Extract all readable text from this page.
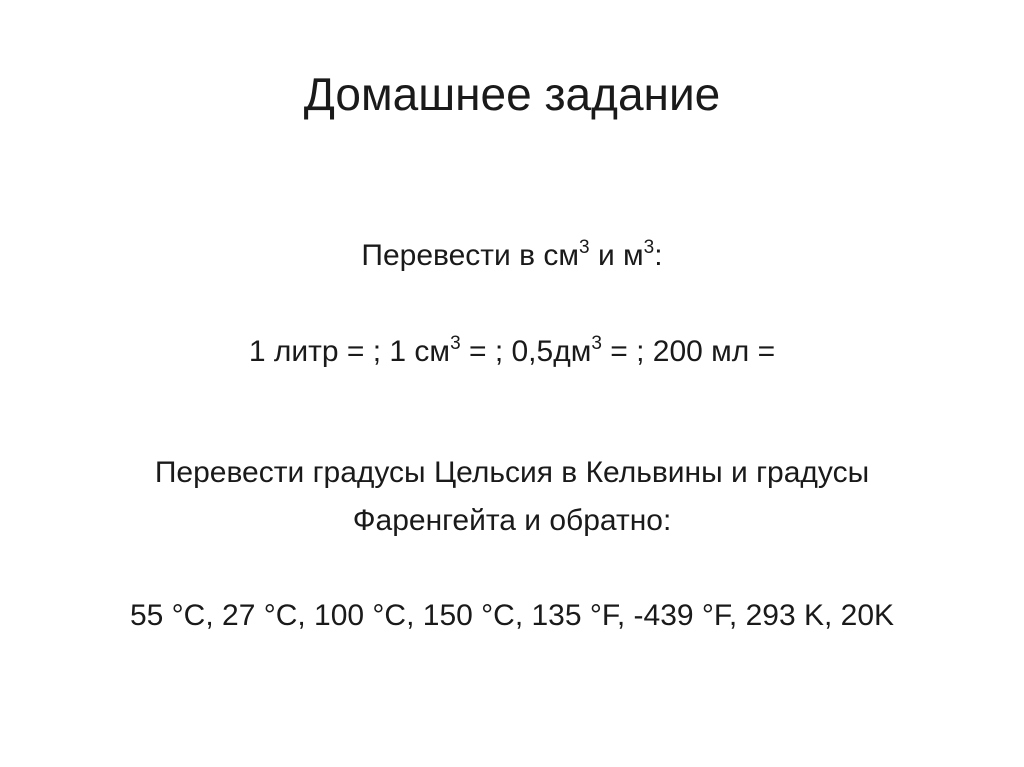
Домашнее задание
Перевести в $см^3$ и $м^3$:
1 литр = ; 1 $см^3$ = ; $0,5дм^3$ = ; 200 мл =
Перевести градусы Цельсия в Кельвины и градусы
Фаренгейта и обратно:
55 °C, 27 °C, 100 °C, 150 °C, 135 °F, -439 °F, 293 K, 20K
